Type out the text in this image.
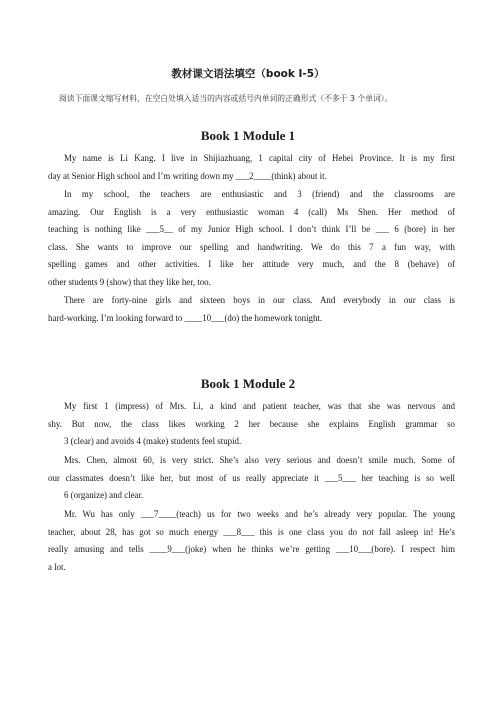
教材课文语法填空（book I-5）
阅读下面课文缩写材料，在空白处填入适当的内容或括号内单词的正确形式（不多于 3 个单词）。
Book 1 Module 1
My name is Li Kang. I live in Shijiazhuang, 1 capital city of Hebei Province. It is my first
day at Senior High school and I’m writing down my ___2____(think) about it.
In my school, the teachers are enthusiastic and 3 (friend) and the classrooms are
amazing. Our English is a very enthusiastic woman 4 (call) Ms Shen. Her method of
teaching is nothing like ___5__ of my Junior High school. I don’t think I’ll be ___ 6 (bore) in her
class. She wants to improve our spelling and handwriting. We do this 7 a fun way, with
spelling games and other activities. I like her attitude very much, and the 8 (behave) of
other students 9 (show) that they like her, too.
There are forty-nine girls and sixteen boys in our class. And everybody in our class is
hard-working. I’m looking forward to ____10___(do) the homework tonight.
Book 1 Module 2
My first 1 (impress) of Mrs. Li, a kind and patient teacher, was that she was nervous and
shy. But now, the class likes working 2 her because she explains English grammar so
3 (clear) and avoids 4 (make) students feel stupid.
Mrs. Chen, almost 60, is very strict. She’s also very serious and doesn’t smile much. Some of
our classmates doesn’t like her, but most of us really appreciate it ___5___ her teaching is so well
6 (organize) and clear.
Mr. Wu has only ___7____(teach) us for two weeks and he’s already very popular. The young
teacher, about 28, has got so much energy ___8___ this is one class you do not fall asleep in! He’s
really amusing and tells ____9___(joke) when he thinks we’re getting ___10___(bore). I respect him
a lot.
